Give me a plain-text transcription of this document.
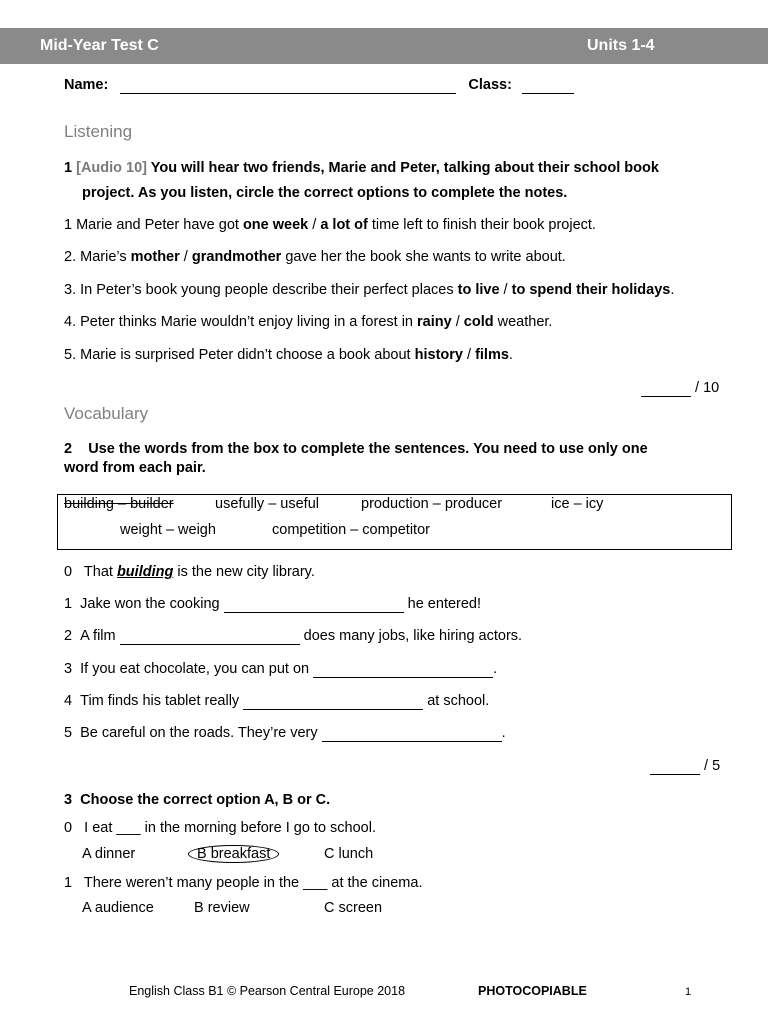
Mid-Year Test C	Units 1-4
Name:	Class:
Listening
1 [Audio 10] You will hear two friends, Marie and Peter, talking about their school book
project. As you listen, circle the correct options to complete the notes.
1 Marie and Peter have got one week / a lot of time left to finish their book project.
2. Marie’s mother / grandmother gave her the book she wants to write about.
3. In Peter’s book young people describe their perfect places to live / to spend their holidays.
4. Peter thinks Marie wouldn’t enjoy living in a forest in rainy / cold weather.
5. Marie is surprised Peter didn’t choose a book about history / films.
/ 10
Vocabulary
2 Use the words from the box to complete the sentences. You need to use only one
word from each pair.
building – builder	usefully – useful	production – producer	ice – icy
weight – weigh	competition – competitor
0 That building is the new city library.
1 Jake won the cooking	he entered!
2 A film	does many jobs, like hiring actors.
3 If you eat chocolate, you can put on	.
4 Tim finds his tablet really	at school.
5 Be careful on the roads. They’re very	.
/ 5
3 Choose the correct option A, B or C.
0 I eat ___ in the morning before I go to school.
A dinner	B breakfast	C lunch
1 There weren’t many people in the ___ at the cinema.
A audience	B review	C screen
English Class B1 © Pearson Central Europe 2018	PHOTOCOPIABLE	1
